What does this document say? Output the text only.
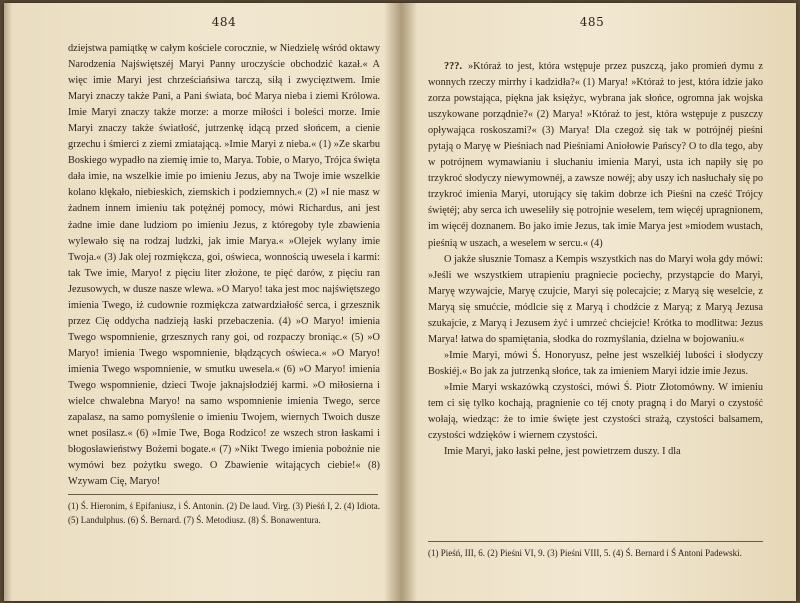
484

dziejstwa pamiątkę w całym kościele corocznie, w Niedzielę wśród oktawy Narodzenia Najświętszéj Maryi Panny uroczyście obchodzić kazał.« A więc imie Maryi jest chrześciańsiwa tarczą, siłą i zwycięztwem. Imie Maryi znaczy także Pani, a Pani świata, boć Marya nieba i ziemi Królowa. Imie Maryi znaczy także morze: a morze miłości i boleści morze. Imie Maryi znaczy także światłość, jutrzenkę idącą przed słońcem, a cienie grzechu i śmierci z ziemi zmiatającą. »Imie Maryi z nieba.« (1) »Ze skarbu Boskiego wypadło na ziemię imie to, Marya. Tobie, o Maryo, Trójca święta dała imie, na wszelkie imie po imieniu Jezus, aby na Twoje imie wszelkie kolano klękało, niebieskich, ziemskich i podziemnych.« (2) »I nie masz w żadnem innem imieniu tak potężnéj pomocy, mówi Richardus, ani jest żadne imie dane ludziom po imieniu Jezus, z któregoby tyle zbawienia wylewało się na rodzaj ludzki, jak imie Marya.« »Olejek wylany imie Twoja.« (3) Jak olej rozmiękcza, goi, oświeca, wonnością uwesela i karmi: tak Twe imie, Maryo! z pięciu liter złożone, te pięć darów, z pięciu ran Jezusowych, w dusze nasze wlewa. »O Maryo! taka jest moc najświętszego imienia Twego, iż cudownie rozmiękcza zatwardziałość serca, i grzesznik przez Cię oddycha nadzieją łaski przebaczenia. (4) »O Maryo! imienia Twego wspomnienie, grzesznych rany goi, od rozpaczy broniąc.« (5) »O Maryo! imienia Twego wspomnienie, błądzących oświeca.« »O Maryo! imienia Twego wspomnienie, w smutku uwesela.« (6) »O Maryo! imienia Twego wspomnienie, dzieci Twoje jaknajsłodziéj karmi. »O miłosierna i wielce chwalebna Maryo! na samo wspomnienie imienia Twego, serce zapalasz, na samo pomyślenie o imieniu Twojem, wiernych Twoich dusze wnet posilasz.« (6) »Imie Twe, Boga Rodzico! ze wszech stron łaskami i błogosławieństwy Bożemi bogate.« (7) »Nikt Twego imienia pobożnie nie wymówi bez pożytku swego. O Zbawienie witających ciebie!« (8) Wzywam Cię, Maryo!

(1) Ś. Hieronim, ś Epifaniusz, i Ś. Antonin. (2) De laud. Virg. (3) Pieśń I, 2. (4) Idiota. (5) Landulphus. (6) Ś. Bernard. (7) Ś. Metodiusz. (8) Ś. Bonawentura.
485

???. »Któraż to jest, która wstępuje przez puszczą, jako promień dymu z wonnych rzeczy mirrhy i kadzidła?« (1) Marya! »Któraż to jest, która idzie jako zorza powstająca, piękna jak księżyc, wybrana jak słońce, ogromna jak wojska uszykowane porządnie?« (2) Marya! »Któraż to jest, która wstępuje z puszczy opływająca roskoszami?« (3) Marya! Dla czegoż się tak w potrójnéj pieśni pytają o Maryę w Pieśniach nad Pieśniami Aniołowie Pańscy? O to dla tego, aby w potrójnem wymawianiu i słuchaniu imienia Maryi, usta ich napiły się po trzykroć słodyczy niewymownéj, a zawsze nowéj; aby uszy ich nasłuchały się po trzykroć imienia Maryi, utorujący się takim dobrze ich Pieśni na cześć Trójcy świętéj; aby serca ich uweseliły się potrojnie weselem, tem więcéj upragnionem, im więcéj doznanem. Bo jako imie Jezus, tak imie Marya jest »miodem wustach, pieśnią w uszach, a weselem w sercu.« (4)

O jakże słusznie Tomasz a Kempis wszystkich nas do Maryi woła gdy mówi: »Jeśli we wszystkiem utrapieniu pragniecie pociechy, przystąpcie do Maryi, Maryę wzywajcie, Maryę czujcie, Maryi się polecajcie; z Maryą się weselcie, z Maryą się smućcie, módlcie się z Maryą i chodźcie z Maryą; z Maryą Jezusa szukajcie, z Maryą i Jezusem żyć i umrzeć chciejcie! Krótka to modlitwa: Jezus Marya! łatwa do spamiętania, słodka do rozmyślania, dzielna w bojowaniu.«

»Imie Maryi, mówi Ś. Honoryusz, pełne jest wszelkiéj lubości i słodyczy Boskiéj.« Bo jak za jutrzenką słońce, tak za imieniem Maryi idzie imie Jezus.

»Imie Maryi wskazówką czystości, mówi Ś. Piotr Złotomówny. W imieniu tem ci się tylko kochają, pragnienie co téj cnoty pragną i do Maryi o czystość wołają, wiedząc: że to imie święte jest czystości strażą, czystości balsamem, czystości wdzięków i wiernem czystości.

Imie Maryi, jako łaski pełne, jest powietrzem duszy. I dla

(1) Pieśń, III, 6. (2) Pieśni VI, 9. (3) Pieśni VIII, 5. (4) Ś. Bernard i Ś Antoni Padewski.
